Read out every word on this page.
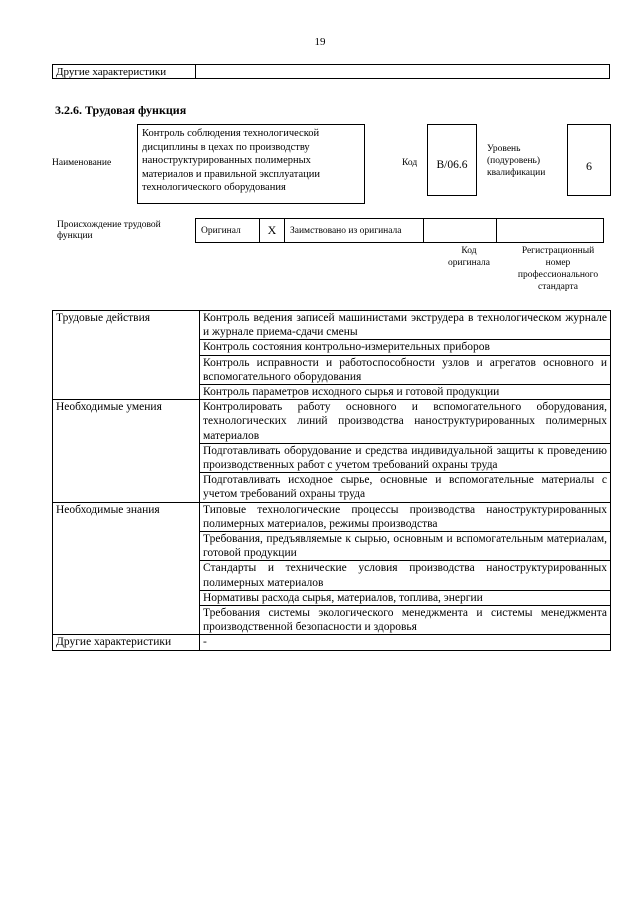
19
Другие характеристики	
3.2.6. Трудовая функция
Наименование
Контроль соблюдения технологической дисциплины в цехах по производству наноструктурированных полимерных материалов и правильной эксплуатации технологического оборудования
Код	B/06.6
Уровень
(подуровень)
квалификации	6
Происхождение трудовой функции
Оригинал	X	Заимствовано из оригинала		
Код
оригинала
Регистрационный
номер
профессионального
стандарта
Трудовые действия	Контроль ведения записей машинистами экструдера в технологическом журнале и журнале приема-сдачи смены
	Контроль состояния контрольно-измерительных приборов
	Контроль исправности и работоспособности узлов и агрегатов основного и вспомогательного оборудования
	Контроль параметров исходного сырья и готовой продукции
Необходимые умения	Контролировать работу основного и вспомогательного оборудования, технологических линий производства наноструктурированных полимерных материалов
	Подготавливать оборудование и средства индивидуальной защиты к проведению производственных работ с учетом требований охраны труда
	Подготавливать исходное сырье, основные и вспомогательные материалы с учетом требований охраны труда
Необходимые знания	Типовые технологические процессы производства наноструктурированных полимерных материалов, режимы производства
	Требования, предъявляемые к сырью, основным и вспомогательным материалам, готовой продукции
	Стандарты и технические условия производства наноструктурированных полимерных материалов
	Нормативы расхода сырья, материалов, топлива, энергии
	Требования системы экологического менеджмента и системы менеджмента производственной безопасности и здоровья
Другие характеристики	-
